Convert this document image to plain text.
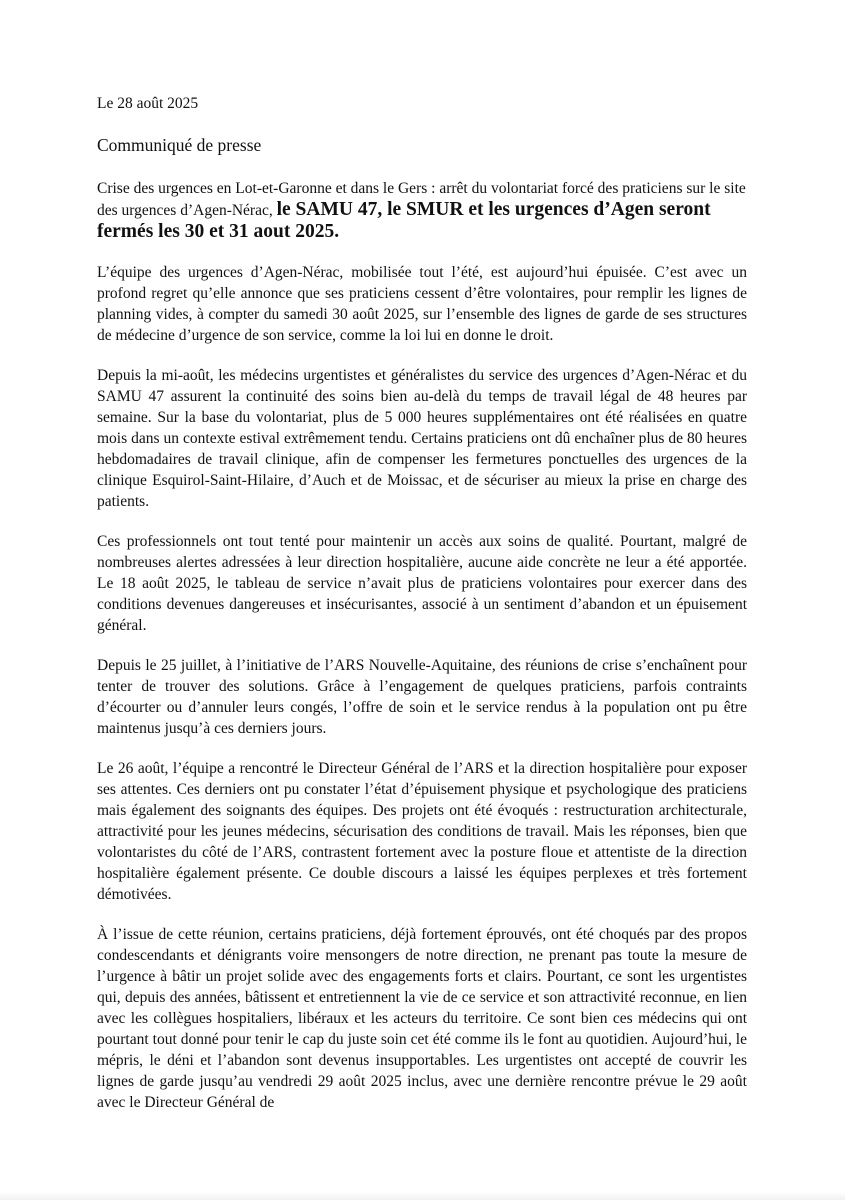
Le 28 août 2025

Communiqué de presse

Crise des urgences en Lot-et-Garonne et dans le Gers : arrêt du volontariat forcé des praticiens sur le site des urgences d’Agen-Nérac, le SAMU 47, le SMUR et les urgences d’Agen seront fermés les 30 et 31 aout 2025.

L’équipe des urgences d’Agen-Nérac, mobilisée tout l’été, est aujourd’hui épuisée. C’est avec un profond regret qu’elle annonce que ses praticiens cessent d’être volontaires, pour remplir les lignes de planning vides, à compter du samedi 30 août 2025, sur l’ensemble des lignes de garde de ses structures de médecine d’urgence de son service, comme la loi lui en donne le droit.

Depuis la mi-août, les médecins urgentistes et généralistes du service des urgences d’Agen-Nérac et du SAMU 47 assurent la continuité des soins bien au-delà du temps de travail légal de 48 heures par semaine. Sur la base du volontariat, plus de 5 000 heures supplémentaires ont été réalisées en quatre mois dans un contexte estival extrêmement tendu. Certains praticiens ont dû enchaîner plus de 80 heures hebdomadaires de travail clinique, afin de compenser les fermetures ponctuelles des urgences de la clinique Esquirol-Saint-Hilaire, d’Auch et de Moissac, et de sécuriser au mieux la prise en charge des patients.

Ces professionnels ont tout tenté pour maintenir un accès aux soins de qualité. Pourtant, malgré de nombreuses alertes adressées à leur direction hospitalière, aucune aide concrète ne leur a été apportée. Le 18 août 2025, le tableau de service n’avait plus de praticiens volontaires pour exercer dans des conditions devenues dangereuses et insécurisantes, associé à un sentiment d’abandon et un épuisement général.

Depuis le 25 juillet, à l’initiative de l’ARS Nouvelle-Aquitaine, des réunions de crise s’enchaînent pour tenter de trouver des solutions. Grâce à l’engagement de quelques praticiens, parfois contraints d’écourter ou d’annuler leurs congés, l’offre de soin et le service rendus à la population ont pu être maintenus jusqu’à ces derniers jours.

Le 26 août, l’équipe a rencontré le Directeur Général de l’ARS et la direction hospitalière pour exposer ses attentes. Ces derniers ont pu constater l’état d’épuisement physique et psychologique des praticiens mais également des soignants des équipes. Des projets ont été évoqués : restructuration architecturale, attractivité pour les jeunes médecins, sécurisation des conditions de travail. Mais les réponses, bien que volontaristes du côté de l’ARS, contrastent fortement avec la posture floue et attentiste de la direction hospitalière également présente. Ce double discours a laissé les équipes perplexes et très fortement démotivées.

À l’issue de cette réunion, certains praticiens, déjà fortement éprouvés, ont été choqués par des propos condescendants et dénigrants voire mensongers de notre direction, ne prenant pas toute la mesure de l’urgence à bâtir un projet solide avec des engagements forts et clairs. Pourtant, ce sont les urgentistes qui, depuis des années, bâtissent et entretiennent la vie de ce service et son attractivité reconnue, en lien avec les collègues hospitaliers, libéraux et les acteurs du territoire. Ce sont bien ces médecins qui ont pourtant tout donné pour tenir le cap du juste soin cet été comme ils le font au quotidien. Aujourd’hui, le mépris, le déni et l’abandon sont devenus insupportables. Les urgentistes ont accepté de couvrir les lignes de garde jusqu’au vendredi 29 août 2025 inclus, avec une dernière rencontre prévue le 29 août avec le Directeur Général de
